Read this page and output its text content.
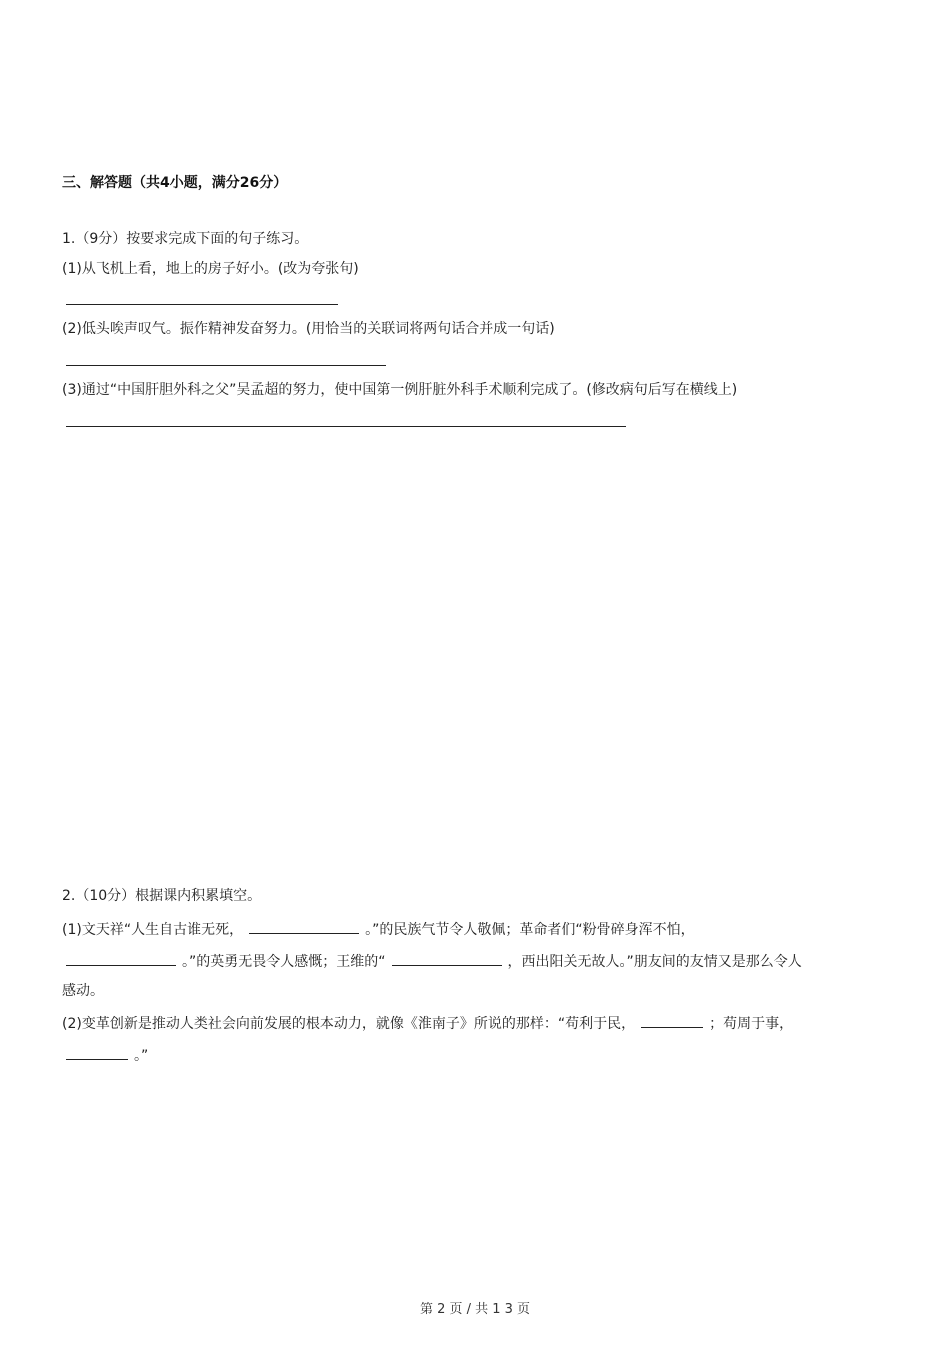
三、解答题（共4小题，满分26分）
1.（9分）按要求完成下面的句子练习。
(1)从飞机上看，地上的房子好小。(改为夸张句)
(2)低头唉声叹气。振作精神发奋努力。(用恰当的关联词将两句话合并成一句话)
(3)通过“中国肝胆外科之父”吴孟超的努力，使中国第一例肝脏外科手术顺利完成了。(修改病句后写在横线上)
2.（10分）根据课内积累填空。
(1)文天祥“人生自古谁无死，	。”的民族气节令人敬佩；革命者们“粉骨碎身浑不怕，
。”的英勇无畏令人感慨；王维的“	，西出阳关无故人。”朋友间的友情又是那么令人
感动。
(2)变革创新是推动人类社会向前发展的根本动力，就像《淮南子》所说的那样：“苟利于民，	；苟周于事，
。”
第 2 页 / 共 1 3 页
